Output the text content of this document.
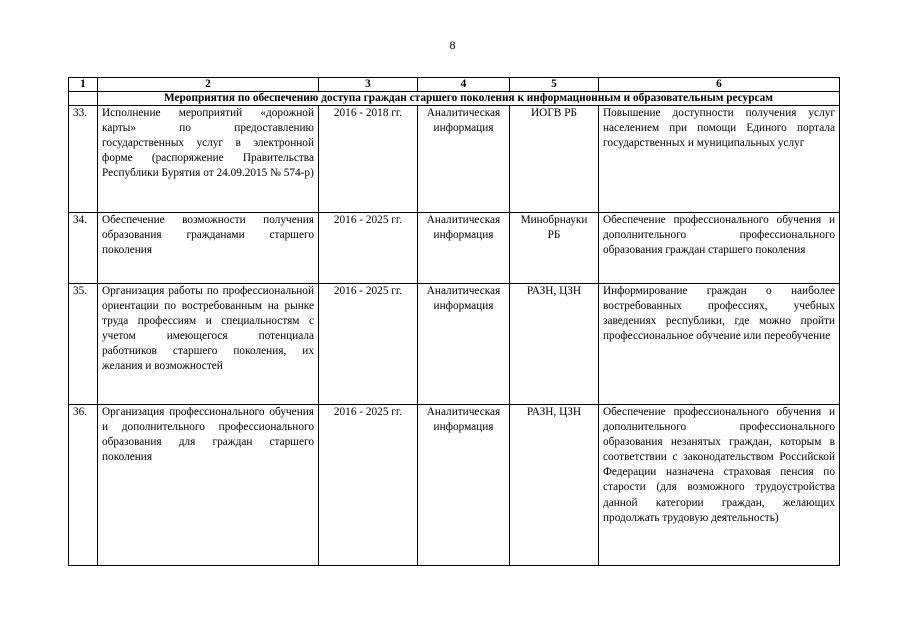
8
1	2	3	4	5	6
	Мероприятия по обеспечению доступа граждан старшего поколения к информационным и образовательным ресурсам				
33.	Исполнение мероприятий «дорожной карты» по предоставлению государственных услуг в электронной форме (распоряжение Правительства Республики Бурятия от 24.09.2015 № 574-р)	2016 - 2018 гг.	Аналитическая информация	ИОГВ РБ	Повышение доступности получения услуг населением при помощи Единого портала государственных и муниципальных услуг
34.	Обеспечение возможности получения образования гражданами старшего поколения	2016 - 2025 гг.	Аналитическая информация	Минобрнауки РБ	Обеспечение профессионального обучения и дополнительного профессионального образования граждан старшего поколения
35.	Организация работы по профессиональной ориентации по востребованным на рынке труда профессиям и специальностям с учетом имеющегося потенциала работников старшего поколения, их желания и возможностей	2016 - 2025 гг.	Аналитическая информация	РАЗН, ЦЗН	Информирование граждан о наиболее востребованных профессиях, учебных заведениях республики, где можно пройти профессиональное обучение или переобучение
36.	Организация профессионального обучения и дополнительного профессионального образования для граждан старшего поколения	2016 - 2025 гг.	Аналитическая информация	РАЗН, ЦЗН	Обеспечение профессионального обучения и дополнительного профессионального образования незанятых граждан, которым в соответствии с законодательством Российской Федерации назначена страховая пенсия по старости (для возможного трудоустройства данной категории граждан, желающих продолжать трудовую деятельность)
